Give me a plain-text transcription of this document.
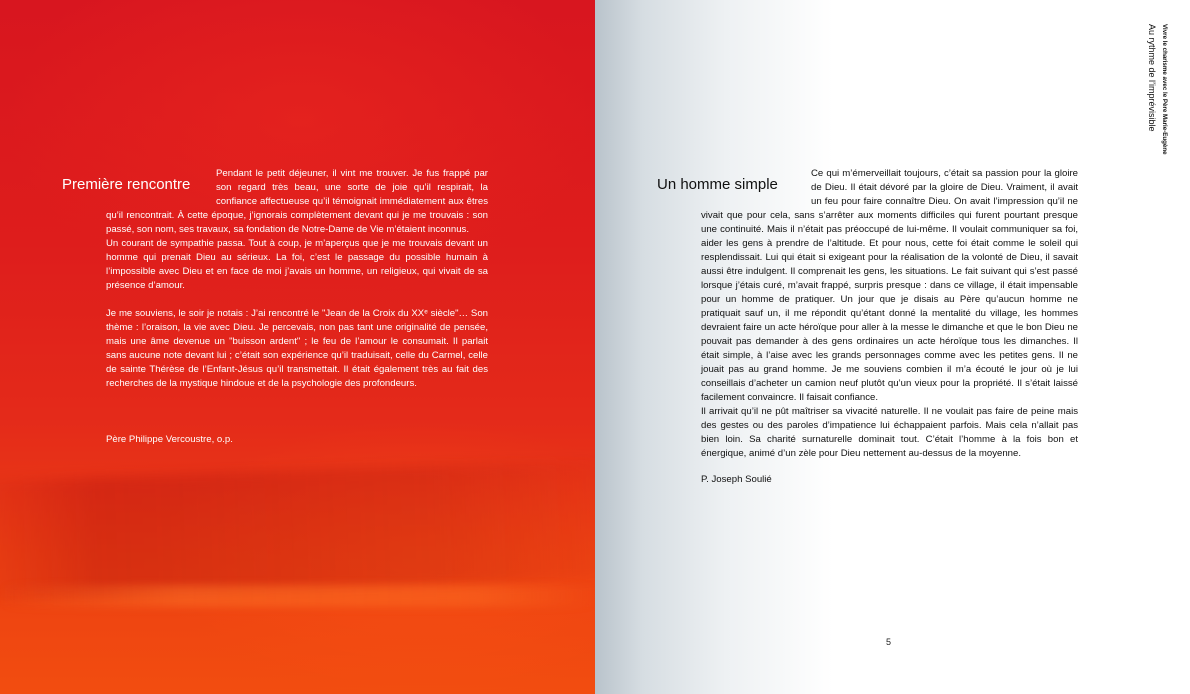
Première rencontre

Pendant le petit déjeuner, il vint me trouver. Je fus frappé par son regard très beau, une sorte de joie qu’il respirait, la confiance affectueuse qu’il témoignait immédiatement aux êtres qu’il rencontrait. À cette époque, j’ignorais complètement devant qui je me trouvais : son passé, son nom, ses travaux, sa fondation de Notre-Dame de Vie m’étaient inconnus.

Un courant de sympathie passa. Tout à coup, je m’aperçus que je me trouvais devant un homme qui prenait Dieu au sérieux. La foi, c’est le passage du possible humain à l’impossible avec Dieu et en face de moi j’avais un homme, un religieux, qui vivait de sa présence d’amour.

Je me souviens, le soir je notais : J’ai rencontré le "Jean de la Croix du XXᵉ siècle"… Son thème : l’oraison, la vie avec Dieu. Je percevais, non pas tant une originalité de pensée, mais une âme devenue un "buisson ardent" ; le feu de l’amour le consumait. Il parlait sans aucune note devant lui ; c’était son expérience qu’il traduisait, celle du Carmel, celle de sainte Thérèse de l’Enfant-Jésus qu’il transmettait. Il était également très au fait des recherches de la mystique hindoue et de la psychologie des profondeurs.

Père Philippe Vercoustre, o.p.

Un homme simple

Ce qui m’émerveillait toujours, c’était sa passion pour la gloire de Dieu. Il était dévoré par la gloire de Dieu. Vraiment, il avait un feu pour faire connaître Dieu. On avait l’impression qu’il ne vivait que pour cela, sans s’arrêter aux moments difficiles qui furent pourtant presque une continuité. Mais il n’était pas préoccupé de lui-même. Il voulait communiquer sa foi, aider les gens à prendre de l’altitude. Et pour nous, cette foi était comme le soleil qui resplendissait. Lui qui était si exigeant pour la réalisation de la volonté de Dieu, il savait aussi être indulgent. Il comprenait les gens, les situations. Le fait suivant qui s’est passé lorsque j’étais curé, m’avait frappé, surpris presque : dans ce village, il était impensable pour un homme de pratiquer. Un jour que je disais au Père qu’aucun homme ne pratiquait sauf un, il me répondit qu’étant donné la mentalité du village, les hommes devraient faire un acte héroïque pour aller à la messe le dimanche et que le bon Dieu ne pouvait pas demander à des gens ordinaires un acte héroïque tous les dimanches. Il était simple, à l’aise avec les grands personnages comme avec les petites gens. Il ne jouait pas au grand homme. Je me souviens combien il m’a écouté le jour où je lui conseillais d’acheter un camion neuf plutôt qu’un vieux pour la propriété. Il s’était laissé facilement convaincre. Il faisait confiance.

Il arrivait qu’il ne pût maîtriser sa vivacité naturelle. Il ne voulait pas faire de peine mais des gestes ou des paroles d’impatience lui échappaient parfois. Mais cela n’allait pas bien loin. Sa charité surnaturelle dominait tout. C’était l’homme à la fois bon et énergique, animé d’un zèle pour Dieu nettement au-dessus de la moyenne.

P. Joseph Soulié

Au rythme de l’imprévisible Vivre le charisme avec le Père Marie-Eugène

5
